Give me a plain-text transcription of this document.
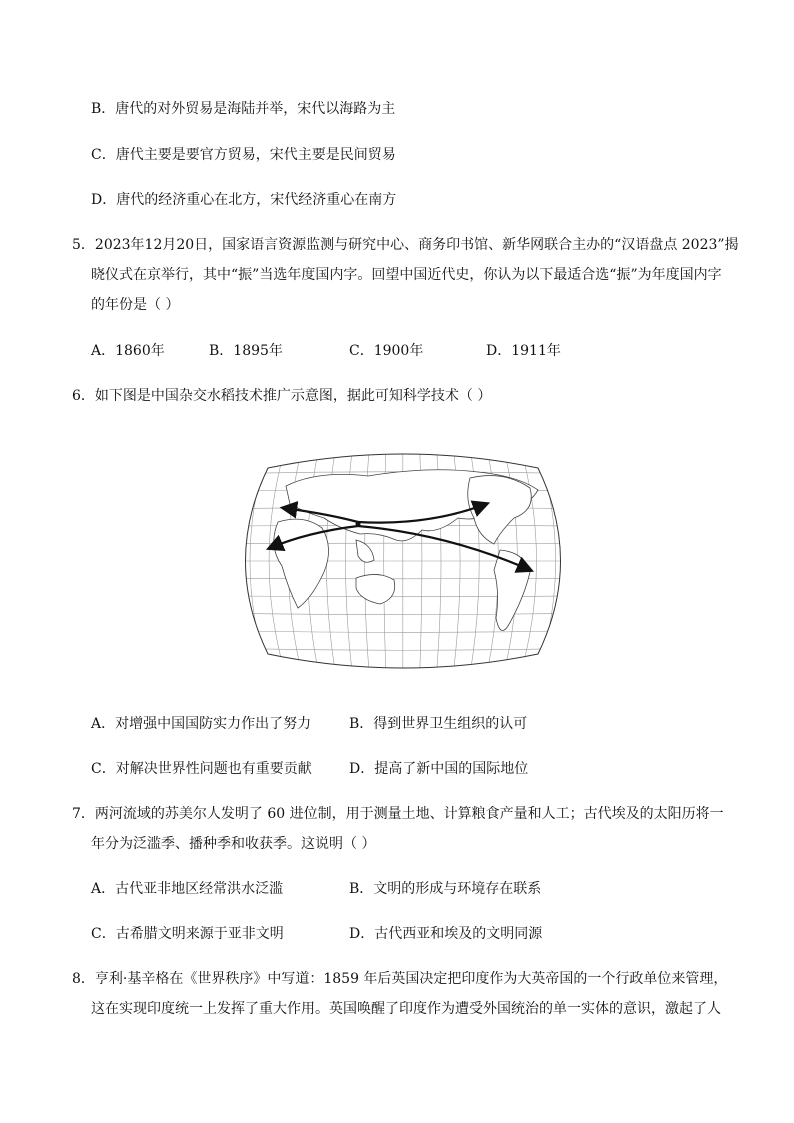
B．唐代的对外贸易是海陆并举，宋代以海路为主
C．唐代主要是要官方贸易，宋代主要是民间贸易
D．唐代的经济重心在北方，宋代经济重心在南方
5．2023年12月20日，国家语言资源监测与研究中心、商务印书馆、新华网联合主办的“汉语盘点 2023”揭
晓仪式在京举行，其中“振”当选年度国内字。回望中国近代史，你认为以下最适合选“振”为年度国内字
的年份是（ ）
A．1860年	B．1895年	C．1900年	D．1911年
6．如下图是中国杂交水稻技术推广示意图，据此可知科学技术（ ）
A．对增强中国国防实力作出了努力	B．得到世界卫生组织的认可
C．对解决世界性问题也有重要贡献	D．提高了新中国的国际地位
7．两河流域的苏美尔人发明了 60 进位制，用于测量土地、计算粮食产量和人工；古代埃及的太阳历将一
年分为泛滥季、播种季和收获季。这说明（ ）
A．古代亚非地区经常洪水泛滥	B．文明的形成与环境存在联系
C．古希腊文明来源于亚非文明	D．古代西亚和埃及的文明同源
8．亨利·基辛格在《世界秩序》中写道：1859 年后英国决定把印度作为大英帝国的一个行政单位来管理，
这在实现印度统一上发挥了重大作用。英国唤醒了印度作为遭受外国统治的单一实体的意识，激起了人
